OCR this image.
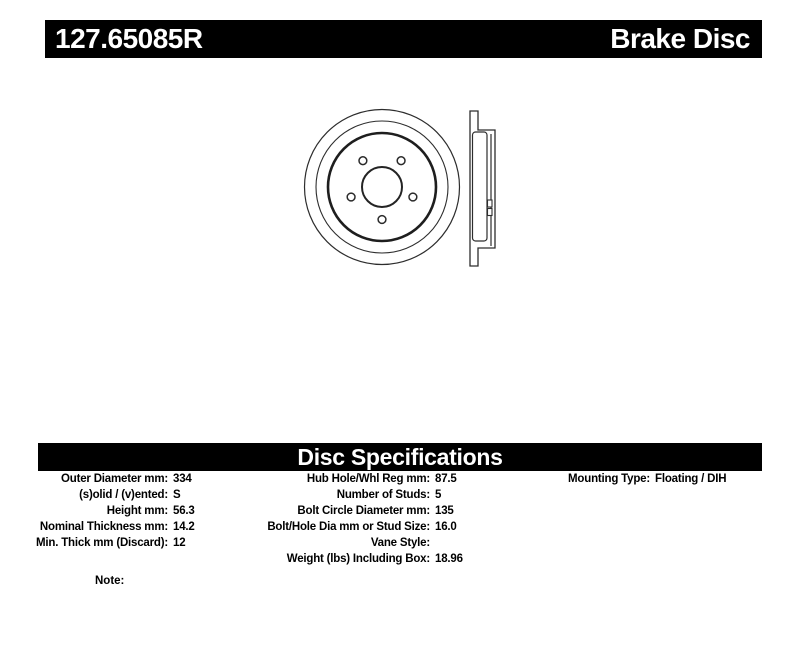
127.65085R	Brake Disc
Disc Specifications
Outer Diameter mm: 334
(s)olid / (v)ented: S
Height mm: 56.3
Nominal Thickness mm: 14.2
Min. Thick mm (Discard): 12
Hub Hole/Whl Reg mm: 87.5
Number of Studs: 5
Bolt Circle Diameter mm: 135
Bolt/Hole Dia mm or Stud Size: 16.0
Vane Style:
Weight (lbs) Including Box: 18.96
Mounting Type: Floating / DIH
Note:
